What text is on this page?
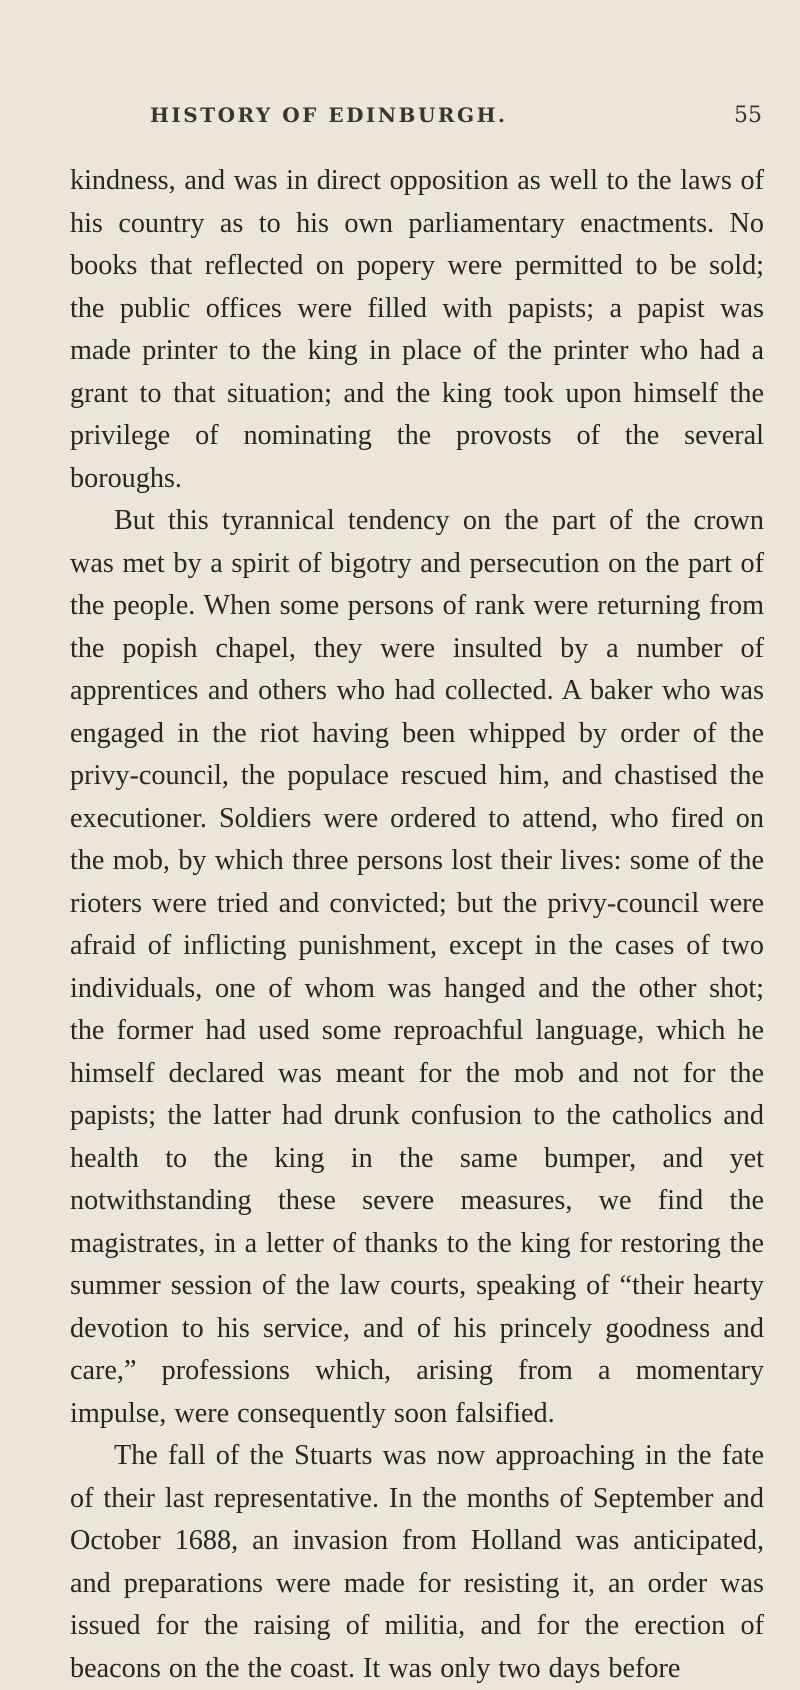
HISTORY OF EDINBURGH.	55

kindness, and was in direct opposition as well to the laws of his country as to his own parliamentary enactments. No books that reflected on popery were permitted to be sold; the public offices were filled with papists; a papist was made printer to the king in place of the printer who had a grant to that situation; and the king took upon himself the privilege of nominating the provosts of the several boroughs.

But this tyrannical tendency on the part of the crown was met by a spirit of bigotry and persecution on the part of the people. When some persons of rank were returning from the popish chapel, they were insulted by a number of apprentices and others who had collected. A baker who was engaged in the riot having been whipped by order of the privy-council, the populace rescued him, and chastised the executioner. Soldiers were ordered to attend, who fired on the mob, by which three persons lost their lives: some of the rioters were tried and convicted; but the privy-council were afraid of inflicting punishment, except in the cases of two individuals, one of whom was hanged and the other shot; the former had used some reproachful language, which he himself declared was meant for the mob and not for the papists; the latter had drunk confusion to the catholics and health to the king in the same bumper, and yet notwithstanding these severe measures, we find the magistrates, in a letter of thanks to the king for restoring the summer session of the law courts, speaking of “their hearty devotion to his service, and of his princely goodness and care,” professions which, arising from a momentary impulse, were consequently soon falsified.

The fall of the Stuarts was now approaching in the fate of their last representative. In the months of September and October 1688, an invasion from Holland was anticipated, and preparations were made for resisting it, an order was issued for the raising of militia, and for the erection of beacons on the the coast. It was only two days before
